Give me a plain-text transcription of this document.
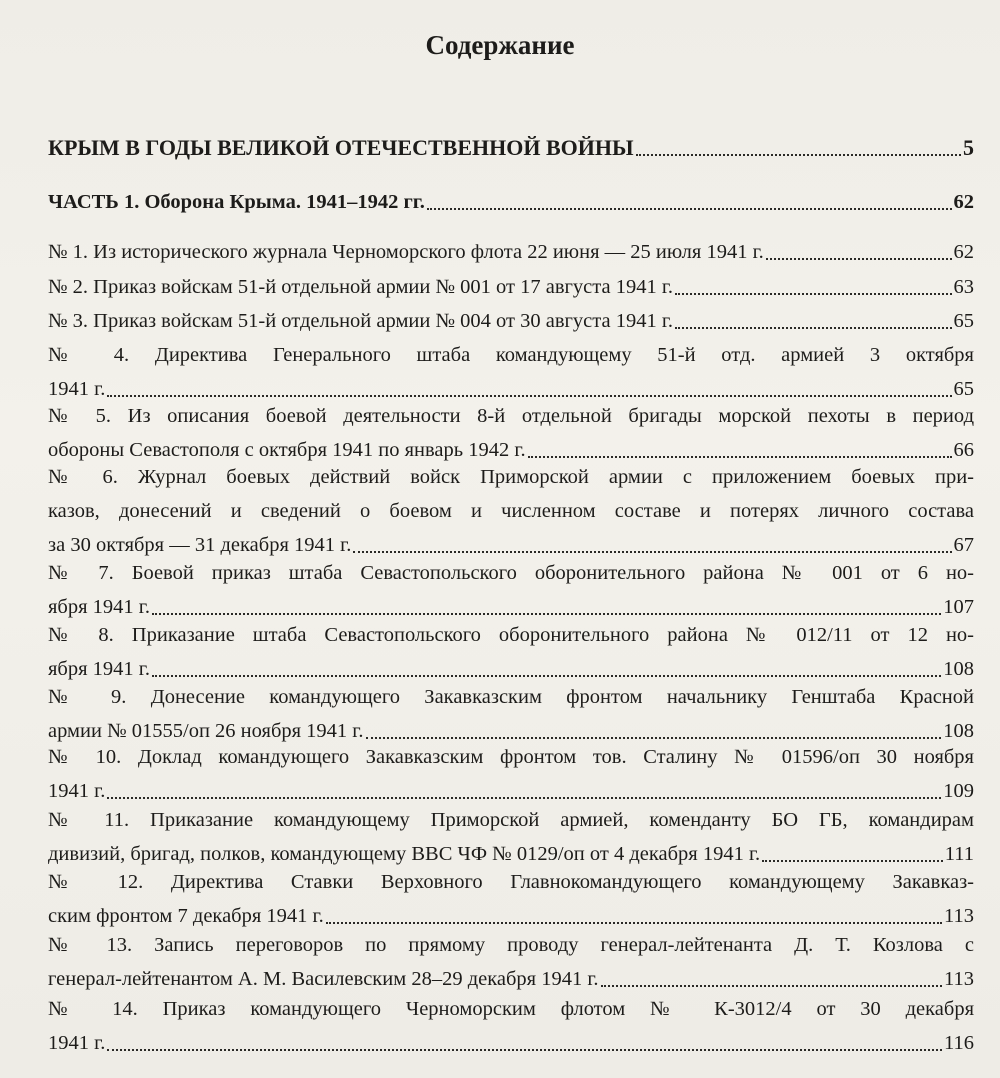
Содержание
КРЫМ В ГОДЫ ВЕЛИКОЙ ОТЕЧЕСТВЕННОЙ ВОЙНЫ	5
ЧАСТЬ 1. Оборона Крыма. 1941–1942 гг.	62
№ 1. Из исторического журнала Черноморского флота 22 июня — 25 июля 1941 г.	62
№ 2. Приказ войскам 51-й отдельной армии № 001 от 17 августа 1941 г.	63
№ 3. Приказ войскам 51-й отдельной армии № 004 от 30 августа 1941 г.	65
№ 4. Директива Генерального штаба командующему 51-й отд. армией 3 октября
1941 г.	65
№ 5. Из описания боевой деятельности 8-й отдельной бригады морской пехоты в период
обороны Севастополя с октября 1941 по январь 1942 г.	66
№ 6. Журнал боевых действий войск Приморской армии с приложением боевых при-
казов, донесений и сведений о боевом и численном составе и потерях личного состава
за 30 октября — 31 декабря 1941 г.	67
№ 7. Боевой приказ штаба Севастопольского оборонительного района № 001 от 6 но-
ября 1941 г.	107
№ 8. Приказание штаба Севастопольского оборонительного района № 012/11 от 12 но-
ября 1941 г.	108
№ 9. Донесение командующего Закавказским фронтом начальнику Генштаба Красной
армии № 01555/оп 26 ноября 1941 г.	108
№ 10. Доклад командующего Закавказским фронтом тов. Сталину № 01596/оп 30 ноября
1941 г.	109
№ 11. Приказание командующему Приморской армией, коменданту БО ГБ, командирам
дивизий, бригад, полков, командующему ВВС ЧФ № 0129/оп от 4 декабря 1941 г.	111
№ 12. Директива Ставки Верховного Главнокомандующего командующему Закавказ-
ским фронтом 7 декабря 1941 г.	113
№ 13. Запись переговоров по прямому проводу генерал-лейтенанта Д. Т. Козлова с
генерал-лейтенантом А. М. Василевским 28–29 декабря 1941 г.	113
№ 14. Приказ командующего Черноморским флотом № К-3012/4 от 30 декабря
1941 г.	116
